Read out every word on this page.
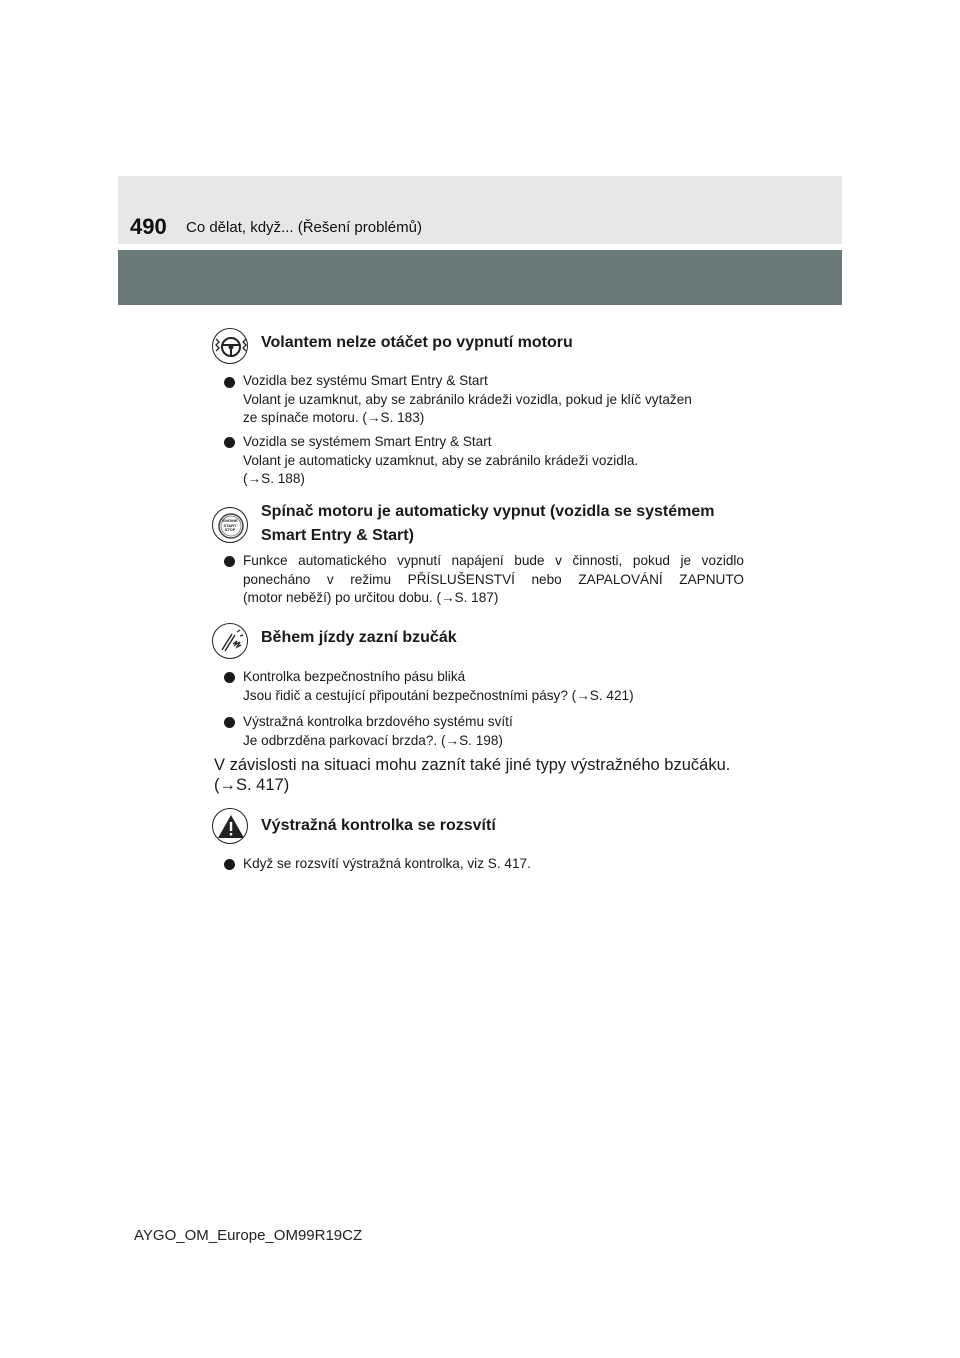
490 Co dělat, když... (Řešení problémů)
Volantem nelze otáčet po vypnutí motoru
Vozidla bez systému Smart Entry & Start
Volant je uzamknut, aby se zabránilo krádeži vozidla, pokud je klíč vytažen
ze spínače motoru. (→S. 183)
Vozidla se systémem Smart Entry & Start
Volant je automaticky uzamknut, aby se zabránilo krádeži vozidla.
(→S. 188)
ENGINE
START
STOP
Spínač motoru je automaticky vypnut (vozidla se systémem
Smart Entry & Start)
Funkce automatického vypnutí napájení bude v činnosti, pokud je vozidlo
ponecháno v režimu PŘÍSLUŠENSTVÍ nebo ZAPALOVÁNÍ ZAPNUTO
(motor neběží) po určitou dobu. (→S. 187)
Během jízdy zazní bzučák
Kontrolka bezpečnostního pásu bliká
Jsou řidič a cestující připoutáni bezpečnostními pásy? (→S. 421)
Výstražná kontrolka brzdového systému svítí
Je odbrzděna parkovací brzda?. (→S. 198)
V závislosti na situaci mohu zaznít také jiné typy výstražného bzučáku.
(→S. 417)
Výstražná kontrolka se rozsvítí
Když se rozsvítí výstražná kontrolka, viz S. 417.
AYGO_OM_Europe_OM99R19CZ
